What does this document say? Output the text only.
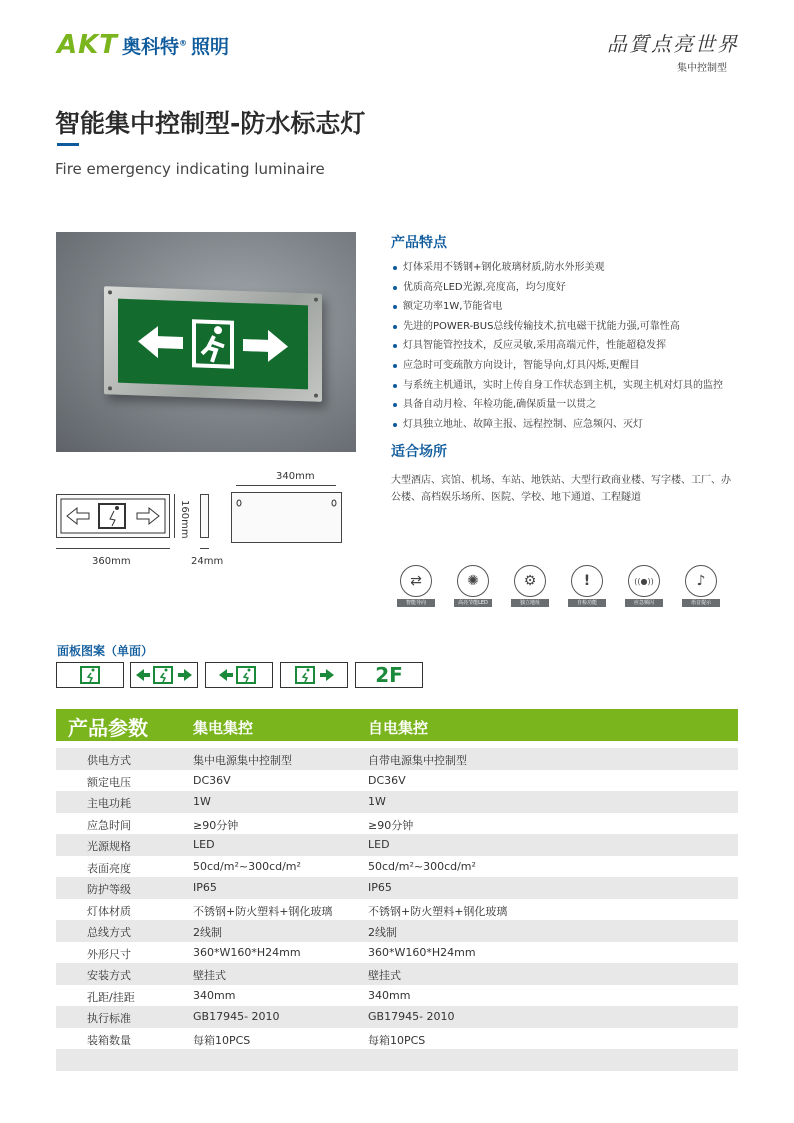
AKT 奥科特® 照明	品質点亮世界
集中控制型
智能集中控制型-防水标志灯
Fire emergency indicating luminaire
360mm
160mm
24mm
340mm
产品特点
灯体采用不锈钢+钢化玻璃材质,防水外形美观
优质高亮LED光源,亮度高，均匀度好
额定功率1W,节能省电
先进的POWER-BUS总线传输技术,抗电磁干扰能力强,可靠性高
灯具智能管控技术，反应灵敏,采用高端元件，性能超稳发挥
应急时可变疏散方向设计，智能导向,灯具闪烁,更醒目
与系统主机通讯，实时上传自身工作状态到主机，实现主机对灯具的监控
具备自动月检、年检功能,确保质量一以贯之
灯具独立地址、故障主报、远程控制、应急频闪、灭灯
适合场所
大型酒店、宾馆、机场、车站、地铁站、大型行政商业楼、写字楼、工厂、办公楼、高档娱乐场所、医院、学校、地下通道、工程隧道
⇄
智能导向
✺
高亮节能LED
⚙
独立地址
!
自检功能
((●))
应急频闪
♪
语音提示
面板图案（单面）
2F
产品参数	集电集控	自电集控
供电方式	集中电源集中控制型	自带电源集中控制型
额定电压	DC36V	DC36V
主电功耗	1W	1W
应急时间	≥90分钟	≥90分钟
光源规格	LED	LED
表面亮度	50cd/m²~300cd/m²	50cd/m²~300cd/m²
防护等级	IP65	IP65
灯体材质	不锈钢+防火塑料+钢化玻璃	不锈钢+防火塑料+钢化玻璃
总线方式	2线制	2线制
外形尺寸	360*W160*H24mm	360*W160*H24mm
安装方式	壁挂式	壁挂式
孔距/挂距	340mm	340mm
执行标准	GB17945- 2010	GB17945- 2010
装箱数量	每箱10PCS	每箱10PCS
